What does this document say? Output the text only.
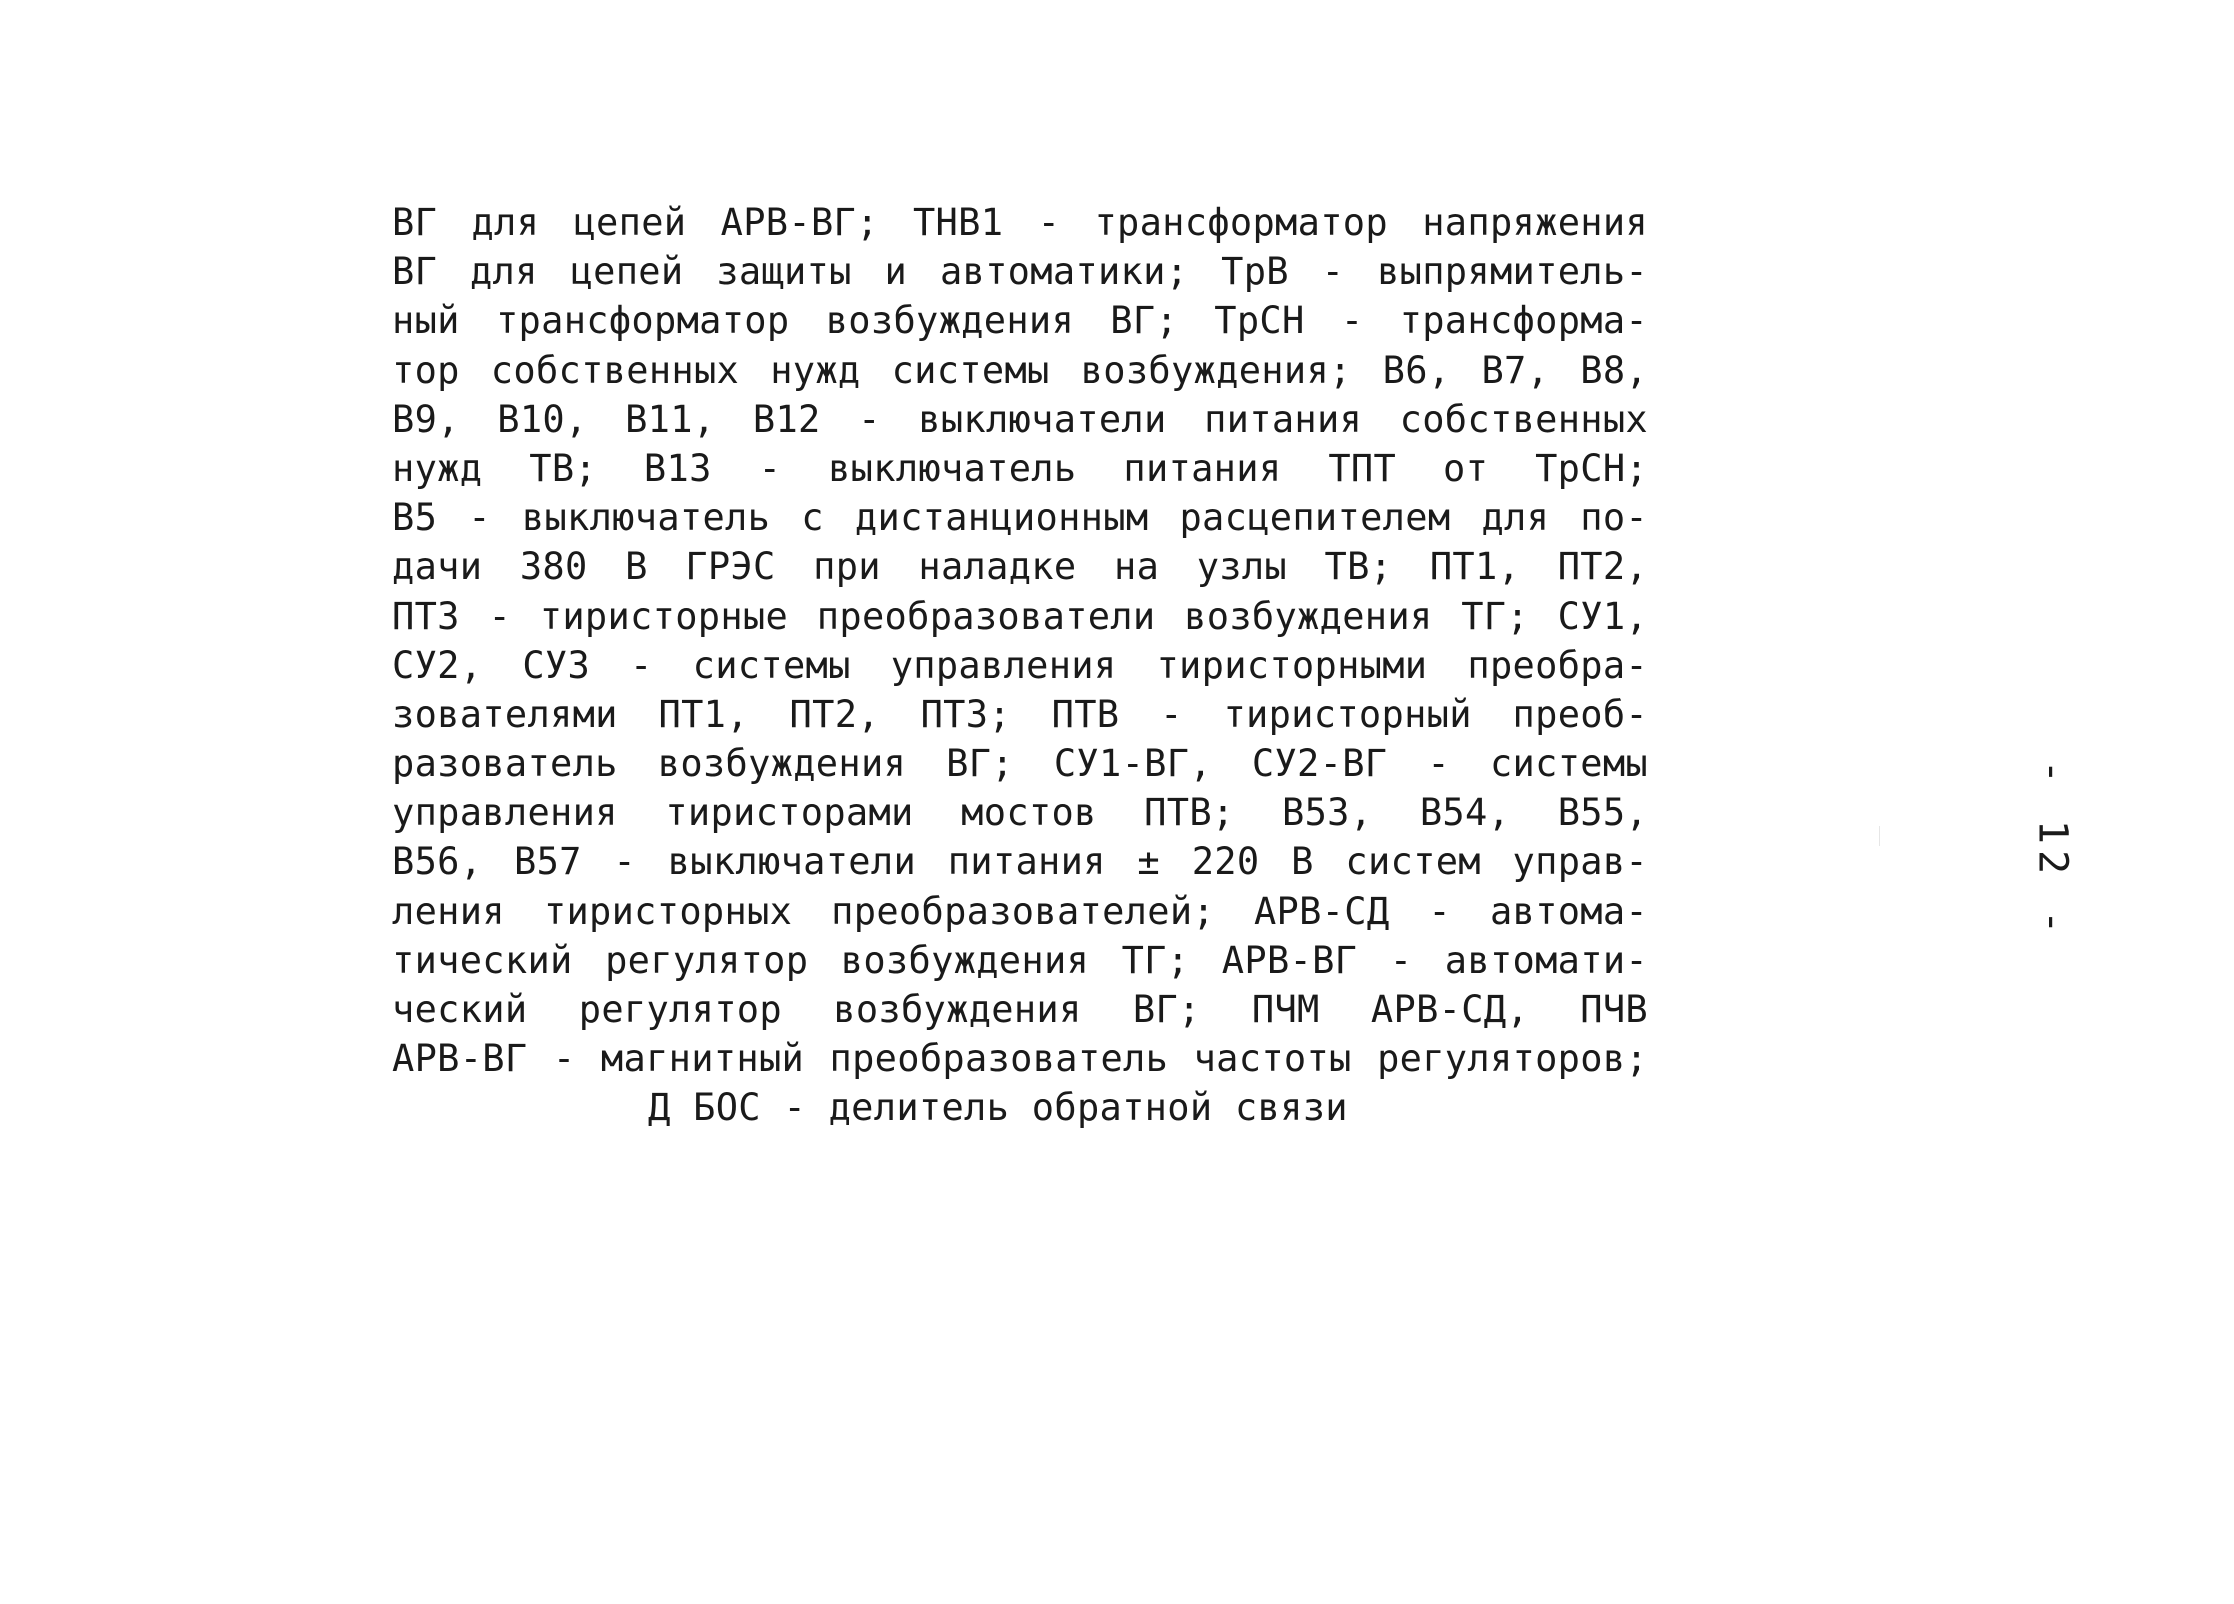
ВГ для цепей АРВ-ВГ; ТНВ1 - трансформатор напряжения
ВГ для цепей защиты и автоматики; ТрВ - выпрямитель-
ный трансформатор возбуждения ВГ; ТрСН - трансформа-
тор собственных нужд системы возбуждения; В6, В7, В8,
В9, В10, В11, В12 - выключатели питания собственных
нужд ТВ; В13 - выключатель питания ТПТ от ТрСН;
В5 - выключатель с дистанционным расцепителем для по-
дачи 380 В ГРЭС при наладке на узлы ТВ; ПТ1, ПТ2,
ПТ3 - тиристорные преобразователи возбуждения ТГ; СУ1,
СУ2, СУ3 - системы управления тиристорными преобра-
зователями ПТ1, ПТ2, ПТ3; ПТВ - тиристорный преоб-
разователь возбуждения ВГ; СУ1-ВГ, СУ2-ВГ - системы
управления тиристорами мостов ПТВ; В53, В54, В55,
В56, В57 - выключатели питания ± 220 В систем управ-
ления тиристорных преобразователей; АРВ-СД - автома-
тический регулятор возбуждения ТГ; АРВ-ВГ - автомати-
ческий регулятор возбуждения ВГ; ПЧМ АРВ-СД, ПЧВ
АРВ-ВГ - магнитный преобразователь частоты регуляторов;
Д БОС - делитель обратной связи
- 12 -
